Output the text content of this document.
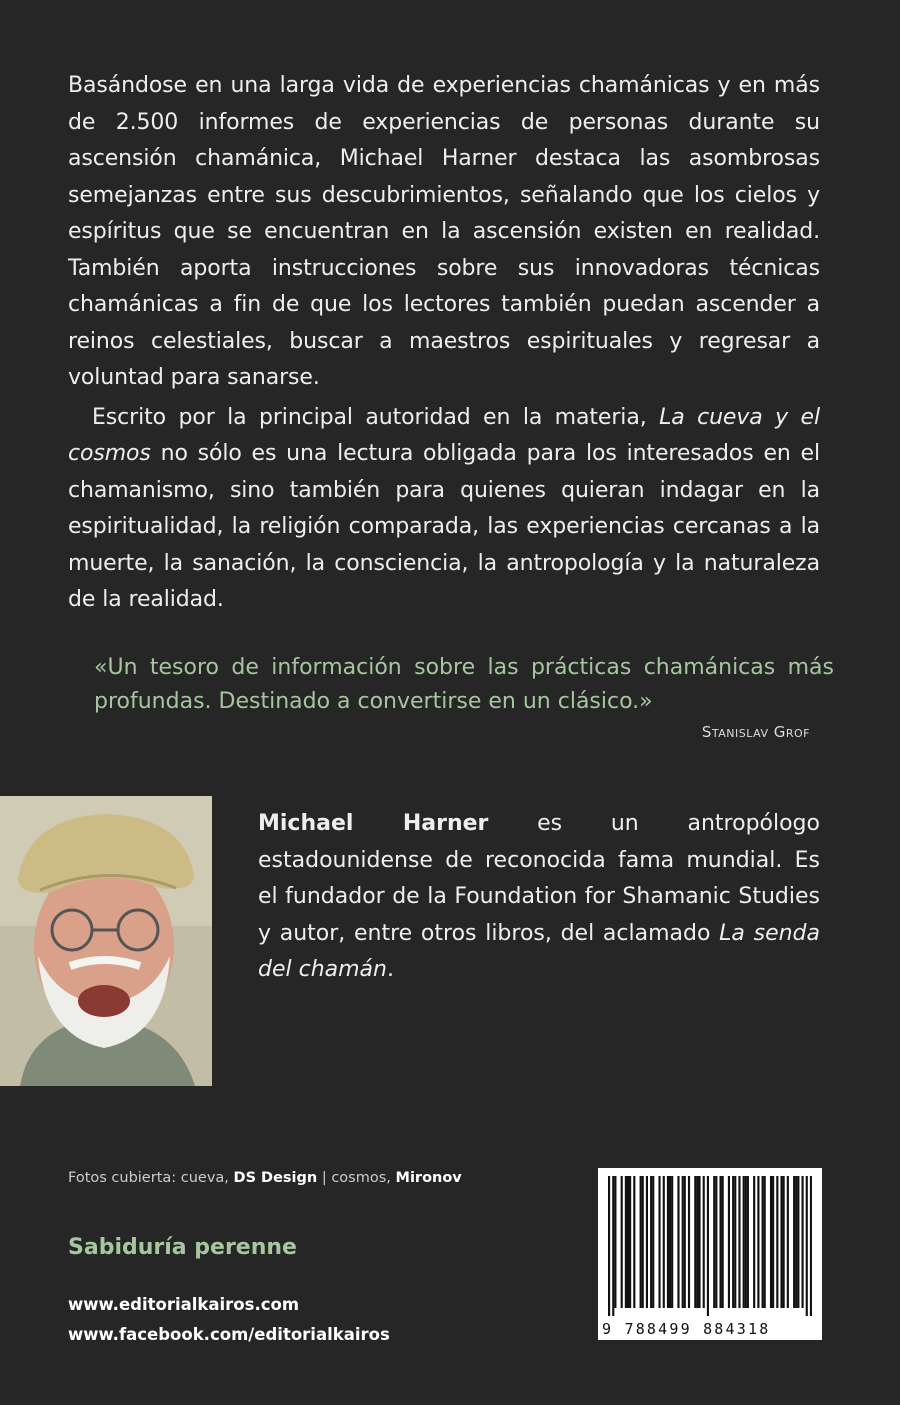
Basándose en una larga vida de experiencias chamánicas y en más de 2.500 informes de experiencias de personas durante su ascensión chamánica, Michael Harner destaca las asombrosas semejanzas entre sus descubrimientos, señalando que los cielos y espíritus que se encuentran en la ascensión existen en realidad. También aporta instrucciones sobre sus innovadoras técnicas chamánicas a fin de que los lectores también puedan ascender a reinos celestiales, buscar a maestros espirituales y regresar a voluntad para sanarse.

Escrito por la principal autoridad en la materia, La cueva y el cosmos no sólo es una lectura obligada para los interesados en el chamanismo, sino también para quienes quieran indagar en la espiritualidad, la religión comparada, las experiencias cercanas a la muerte, la sanación, la consciencia, la antropología y la naturaleza de la realidad.

«Un tesoro de información sobre las prácticas chamánicas más profundas. Destinado a convertirse en un clásico.»
Stanislav Grof

Michael Harner es un antropólogo estadounidense de reconocida fama mundial. Es el fundador de la Foundation for Shamanic Studies y autor, entre otros libros, del aclamado La senda del chamán.

Fotos cubierta: cueva, DS Design | cosmos, Mironov
Sabiduría perenne
www.editorialkairos.com
www.facebook.com/editorialkairos	9 788499 884318
